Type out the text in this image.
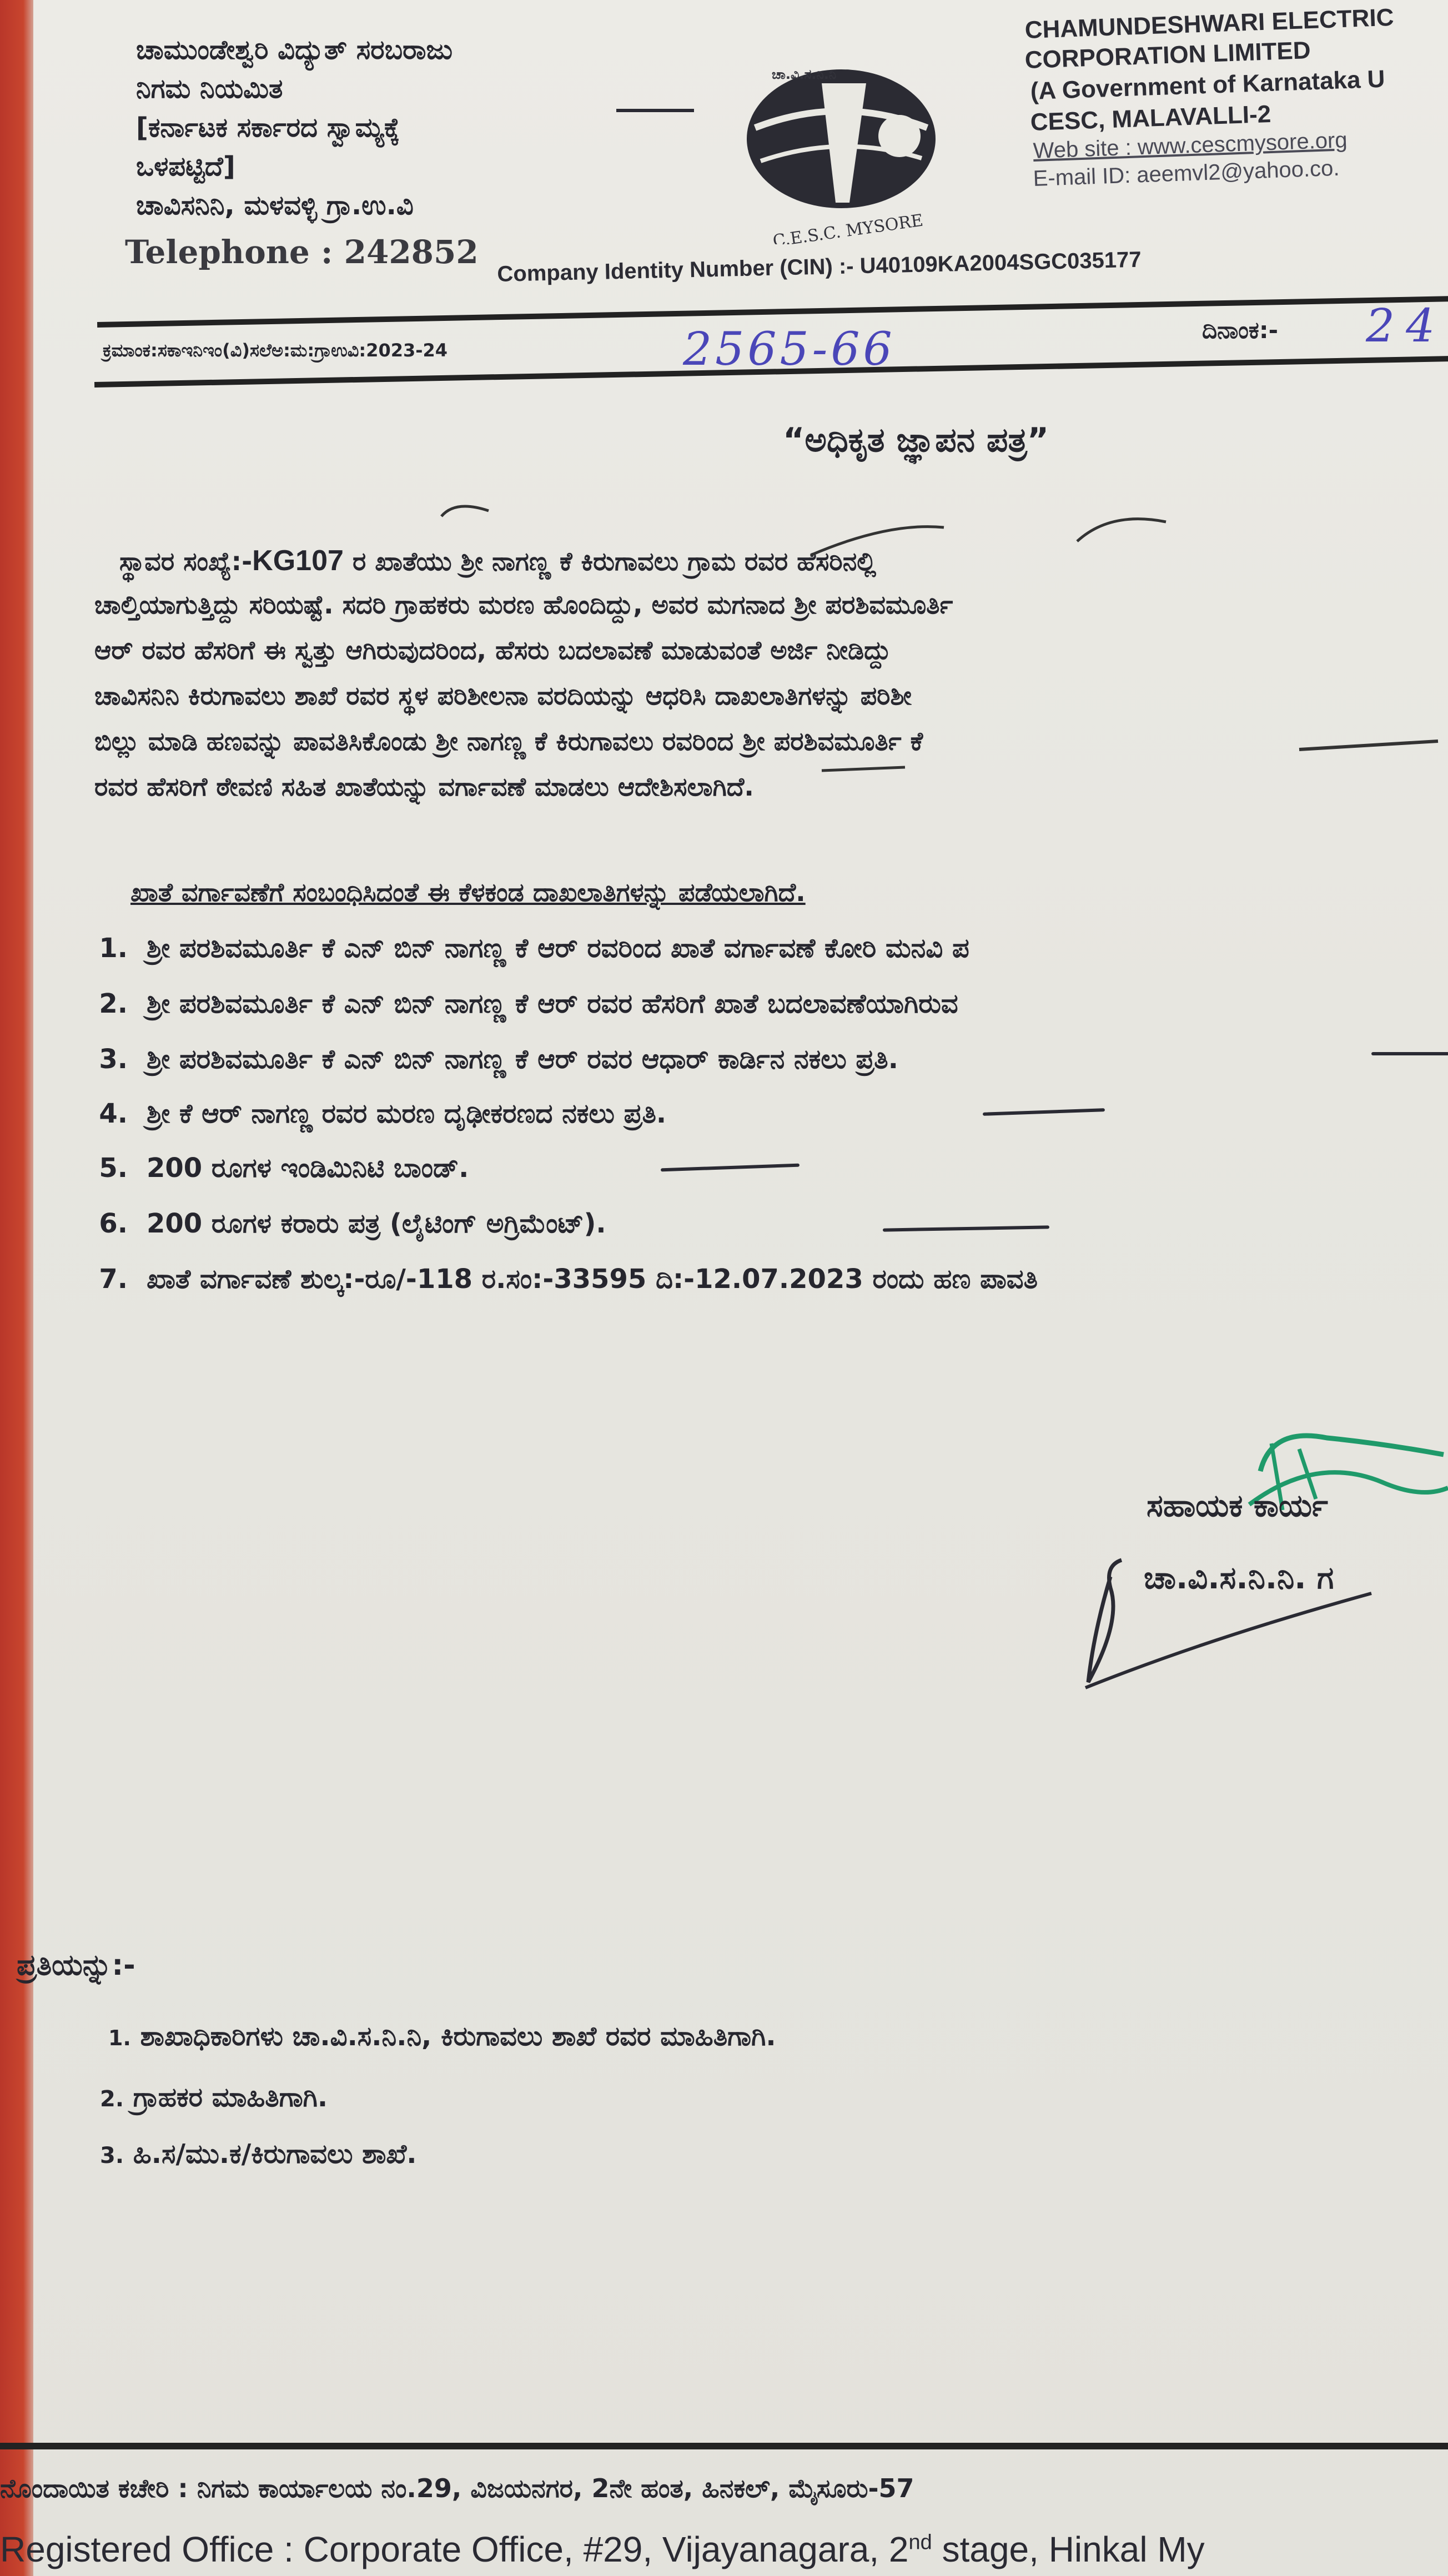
ಚಾಮುಂಡೇಶ್ವರಿ ವಿದ್ಯುತ್ ಸರಬರಾಜು
ನಿಗಮ ನಿಯಮಿತ
[ಕರ್ನಾಟಕ ಸರ್ಕಾರದ ಸ್ವಾಮ್ಯಕ್ಕೆ
ಒಳಪಟ್ಟಿದೆ]
ಚಾವಿಸನಿನಿ, ಮಳವಳ್ಳಿ ಗ್ರಾ.ಉ.ವಿ
Telephone : 242852
ಚಾ.ವಿ.ಸ.ನಿ.ನಿ
C.E.S.C. MYSORE
CHAMUNDESHWARI ELECTRIC
CORPORATION LIMITED
(A Government of Karnataka U
CESC, MALAVALLI-2
Web site : www.cescmysore.org
E-mail ID: aeemvl2@yahoo.co.
Company Identity Number (CIN) :- U40109KA2004SGC035177
ಕ್ರಮಾಂಕ:ಸಕಾಇನಿಇಂ(ವಿ)ಸಲೆಅ:ಮ:ಗ್ರಾಉವಿ:2023-24	2565-66	ದಿನಾಂಕ:- 24
“ಅಧಿಕೃತ ಜ್ಞಾಪನ ಪತ್ರ”
ಸ್ಥಾವರ ಸಂಖ್ಯೆ:-KG107 ರ ಖಾತೆಯು ಶ್ರೀ ನಾಗಣ್ಣ ಕೆ ಕಿರುಗಾವಲು ಗ್ರಾಮ ರವರ ಹೆಸರಿನಲ್ಲಿ
ಚಾಲ್ತಿಯಾಗುತ್ತಿದ್ದು ಸರಿಯಷ್ಟೆ. ಸದರಿ ಗ್ರಾಹಕರು ಮರಣ ಹೊಂದಿದ್ದು, ಅವರ ಮಗನಾದ ಶ್ರೀ ಪರಶಿವಮೂರ್ತಿ
ಆರ್ ರವರ ಹೆಸರಿಗೆ ಈ ಸ್ವತ್ತು ಆಗಿರುವುದರಿಂದ, ಹೆಸರು ಬದಲಾವಣೆ ಮಾಡುವಂತೆ ಅರ್ಜಿ ನೀಡಿದ್ದು
ಚಾವಿಸನಿನಿ ಕಿರುಗಾವಲು ಶಾಖೆ ರವರ ಸ್ಥಳ ಪರಿಶೀಲನಾ ವರದಿಯನ್ನು ಆಧರಿಸಿ ದಾಖಲಾತಿಗಳನ್ನು ಪರಿಶೀ
ಬಿಲ್ಲು ಮಾಡಿ ಹಣವನ್ನು ಪಾವತಿಸಿಕೊಂಡು ಶ್ರೀ ನಾಗಣ್ಣ ಕೆ ಕಿರುಗಾವಲು ರವರಿಂದ ಶ್ರೀ ಪರಶಿವಮೂರ್ತಿ ಕೆ
ರವರ ಹೆಸರಿಗೆ ಠೇವಣಿ ಸಹಿತ ಖಾತೆಯನ್ನು ವರ್ಗಾವಣೆ ಮಾಡಲು ಆದೇಶಿಸಲಾಗಿದೆ.
ಖಾತೆ ವರ್ಗಾವಣೆಗೆ ಸಂಬಂಧಿಸಿದಂತೆ ಈ ಕೆಳಕಂಡ ದಾಖಲಾತಿಗಳನ್ನು ಪಡೆಯಲಾಗಿದೆ.
1. ಶ್ರೀ ಪರಶಿವಮೂರ್ತಿ ಕೆ ಎನ್ ಬಿನ್ ನಾಗಣ್ಣ ಕೆ ಆರ್ ರವರಿಂದ ಖಾತೆ ವರ್ಗಾವಣೆ ಕೋರಿ ಮನವಿ ಪ
2. ಶ್ರೀ ಪರಶಿವಮೂರ್ತಿ ಕೆ ಎನ್ ಬಿನ್ ನಾಗಣ್ಣ ಕೆ ಆರ್ ರವರ ಹೆಸರಿಗೆ ಖಾತೆ ಬದಲಾವಣೆಯಾಗಿರುವ
3. ಶ್ರೀ ಪರಶಿವಮೂರ್ತಿ ಕೆ ಎನ್ ಬಿನ್ ನಾಗಣ್ಣ ಕೆ ಆರ್ ರವರ ಆಧಾರ್ ಕಾರ್ಡಿನ ನಕಲು ಪ್ರತಿ.
4. ಶ್ರೀ ಕೆ ಆರ್ ನಾಗಣ್ಣ ರವರ ಮರಣ ದೃಢೀಕರಣದ ನಕಲು ಪ್ರತಿ.
5. 200 ರೂಗಳ ಇಂಡಿಮಿನಿಟಿ ಬಾಂಡ್.
6. 200 ರೂಗಳ ಕರಾರು ಪತ್ರ (ಲೈಟಿಂಗ್ ಅಗ್ರಿಮೆಂಟ್).
7. ಖಾತೆ ವರ್ಗಾವಣೆ ಶುಲ್ಕ:-ರೂ/-118 ರ.ಸಂ:-33595 ದಿ:-12.07.2023 ರಂದು ಹಣ ಪಾವತಿ
ಸಹಾಯಕ ಕಾರ್ಯ
ಚಾ.ವಿ.ಸ.ನಿ.ನಿ. ಗ
ಪ್ರತಿಯನ್ನು:-
1. ಶಾಖಾಧಿಕಾರಿಗಳು ಚಾ.ವಿ.ಸ.ನಿ.ನಿ, ಕಿರುಗಾವಲು ಶಾಖೆ ರವರ ಮಾಹಿತಿಗಾಗಿ.
2. ಗ್ರಾಹಕರ ಮಾಹಿತಿಗಾಗಿ.
3. ಹಿ.ಸ/ಮು.ಕ/ಕಿರುಗಾವಲು ಶಾಖೆ.
ನೊಂದಾಯಿತ ಕಚೇರಿ : ನಿಗಮ ಕಾರ್ಯಾಲಯ ನಂ.29, ವಿಜಯನಗರ, 2ನೇ ಹಂತ, ಹಿನಕಲ್, ಮೈಸೂರು-57
Registered Office : Corporate Office, #29, Vijayanagara, 2nd stage, Hinkal My
